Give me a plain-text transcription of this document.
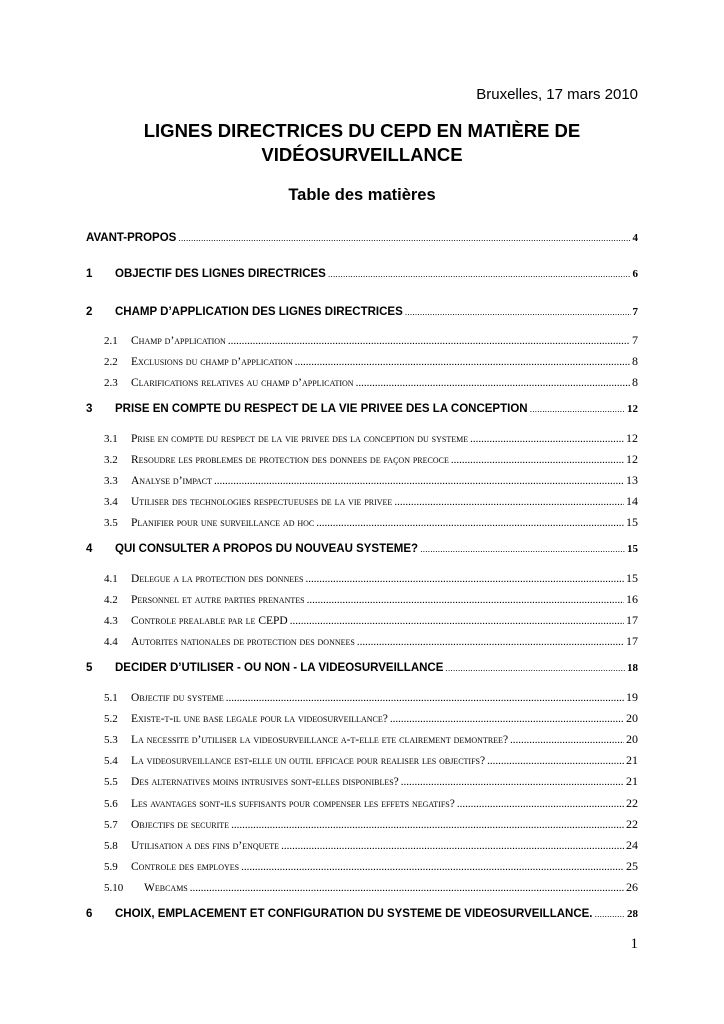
Bruxelles, 17 mars 2010
LIGNES DIRECTRICES DU CEPD EN MATIÈRE DE
VIDÉOSURVEILLANCE
Table des matières
AVANT-PROPOS .....	4
1	OBJECTIF DES LIGNES DIRECTRICES .....	6
2	CHAMP D’APPLICATION DES LIGNES DIRECTRICES .....	7
2.1	Champ d’application .....	7
2.2	Exclusions du champ d’application .....	8
2.3	Clarifications relatives au champ d’application .....	8
3	PRISE EN COMPTE DU RESPECT DE LA VIE PRIVÉE DÈS LA CONCEPTION .....	12
3.1	Prise en compte du respect de la vie privee des la conception du systeme .....	12
3.2	Resoudre les problemes de protection des donnees de façon precoce .....	12
3.3	Analyse d’impact .....	13
3.4	Utiliser des technologies respectueuses de la vie privee .....	14
3.5	Planifier pour une surveillance ad hoc .....	15
4	QUI CONSULTER A PROPOS DU NOUVEAU SYSTEME? .....	15
4.1	Delegue a la protection des donnees .....	15
4.2	Personnel et autre parties prenantes .....	16
4.3	Controle prealable par le CEPD .....	17
4.4	Autorites nationales de protection des donnees .....	17
5	DECIDER D’UTILISER - OU NON - LA VIDEOSURVEILLANCE .....	18
5.1	Objectif du systeme .....	19
5.2	Existe-t-il une base legale pour la videosurveillance? .....	20
5.3	La necessite d’utiliser la videosurveillance a-t-elle ete clairement demontree? .....	20
5.4	La videosurveillance est-elle un outil efficace pour realiser les objectifs? .....	21
5.5	Des alternatives moins intrusives sont-elles disponibles? .....	21
5.6	Les avantages sont-ils suffisants pour compenser les effets negatifs? .....	22
5.7	Objectifs de securite .....	22
5.8	Utilisation a des fins d’enquete .....	24
5.9	Controle des employes .....	25
5.10	Webcams .....	26
6	CHOIX, EMPLACEMENT ET CONFIGURATION DU SYSTEME DE VIDEOSURVEILLANCE. .....	28
1
